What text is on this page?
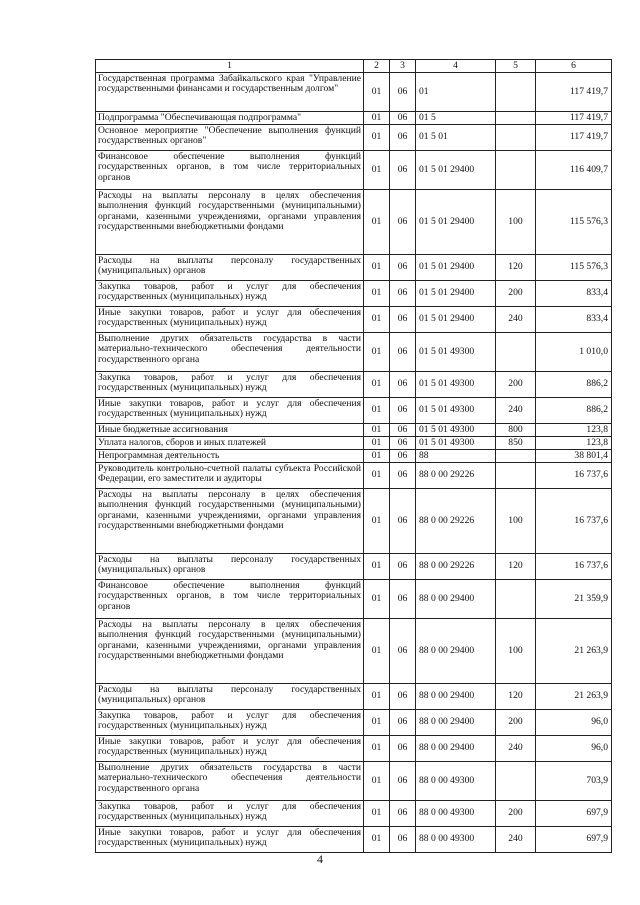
1	2	3	4	5	6
Государственная программа Забайкальского края "Управление государственными финансами и государственным долгом"	01	06	01		117 419,7
Подпрограмма "Обеспечивающая подпрограмма"	01	06	01 5		117 419,7
Основное мероприятие "Обеспечение выполнения функций государственных органов"	01	06	01 5 01		117 419,7
Финансовое обеспечение выполнения функций государственных органов, в том числе территориальных органов	01	06	01 5 01 29400		116 409,7
Расходы на выплаты персоналу в целях обеспечения выполнения функций государственными (муниципальными) органами, казенными учреждениями, органами управления государственными внебюджетными фондами	01	06	01 5 01 29400	100	115 576,3
Расходы на выплаты персоналу государственных (муниципальных) органов	01	06	01 5 01 29400	120	115 576,3
Закупка товаров, работ и услуг для обеспечения государственных (муниципальных) нужд	01	06	01 5 01 29400	200	833,4
Иные закупки товаров, работ и услуг для обеспечения государственных (муниципальных) нужд	01	06	01 5 01 29400	240	833,4
Выполнение других обязательств государства в части материально-технического обеспечения деятельности государственного органа	01	06	01 5 01 49300		1 010,0
Закупка товаров, работ и услуг для обеспечения государственных (муниципальных) нужд	01	06	01 5 01 49300	200	886,2
Иные закупки товаров, работ и услуг для обеспечения государственных (муниципальных) нужд	01	06	01 5 01 49300	240	886,2
Иные бюджетные ассигнования	01	06	01 5 01 49300	800	123,8
Уплата налогов, сборов и иных платежей	01	06	01 5 01 49300	850	123,8
Непрограммная деятельность	01	06	88		38 801,4
Руководитель контрольно-счетной палаты субъекта Российской Федерации, его заместители и аудиторы	01	06	88 0 00 29226		16 737,6
Расходы на выплаты персоналу в целях обеспечения выполнения функций государственными (муниципальными) органами, казенными учреждениями, органами управления государственными внебюджетными фондами	01	06	88 0 00 29226	100	16 737,6
Расходы на выплаты персоналу государственных (муниципальных) органов	01	06	88 0 00 29226	120	16 737,6
Финансовое обеспечение выполнения функций государственных органов, в том числе территориальных органов	01	06	88 0 00 29400		21 359,9
Расходы на выплаты персоналу в целях обеспечения выполнения функций государственными (муниципальными) органами, казенными учреждениями, органами управления государственными внебюджетными фондами	01	06	88 0 00 29400	100	21 263,9
Расходы на выплаты персоналу государственных (муниципальных) органов	01	06	88 0 00 29400	120	21 263,9
Закупка товаров, работ и услуг для обеспечения государственных (муниципальных) нужд	01	06	88 0 00 29400	200	96,0
Иные закупки товаров, работ и услуг для обеспечения государственных (муниципальных) нужд	01	06	88 0 00 29400	240	96,0
Выполнение других обязательств государства в части материально-технического обеспечения деятельности государственного органа	01	06	88 0 00 49300		703,9
Закупка товаров, работ и услуг для обеспечения государственных (муниципальных) нужд	01	06	88 0 00 49300	200	697,9
Иные закупки товаров, работ и услуг для обеспечения государственных (муниципальных) нужд	01	06	88 0 00 49300	240	697,9
4
